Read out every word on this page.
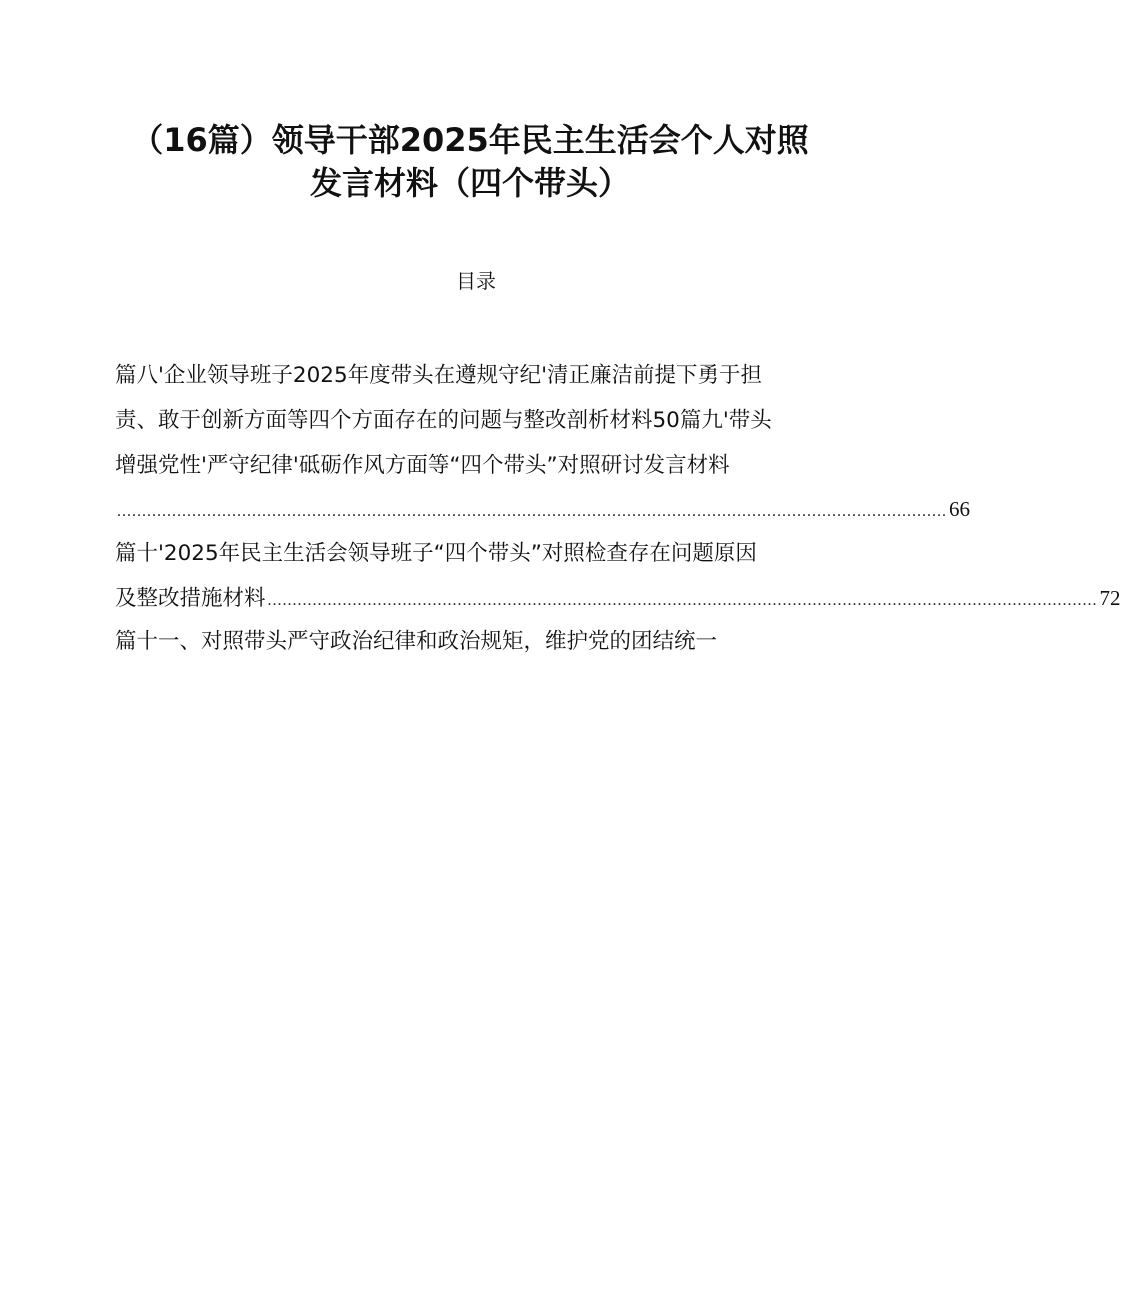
（16篇）领导干部2025年民主生活会个人对照
发言材料（四个带头）
目录
篇八'企业领导班子2025年度带头在遵规守纪'清正廉洁前提下勇于担
责、敢于创新方面等四个方面存在的问题与整改剖析材料50篇九'带头
增强党性'严守纪律'砥砺作风方面等“四个带头”对照研讨发言材料
...................................................................................................................................................................... 66
篇十'2025年民主生活会领导班子“四个带头”对照检查存在问题原因
及整改措施材料 ...................................................................................................................................................................... 72
篇十一、对照带头严守政治纪律和政治规矩，维护党的团结统一
